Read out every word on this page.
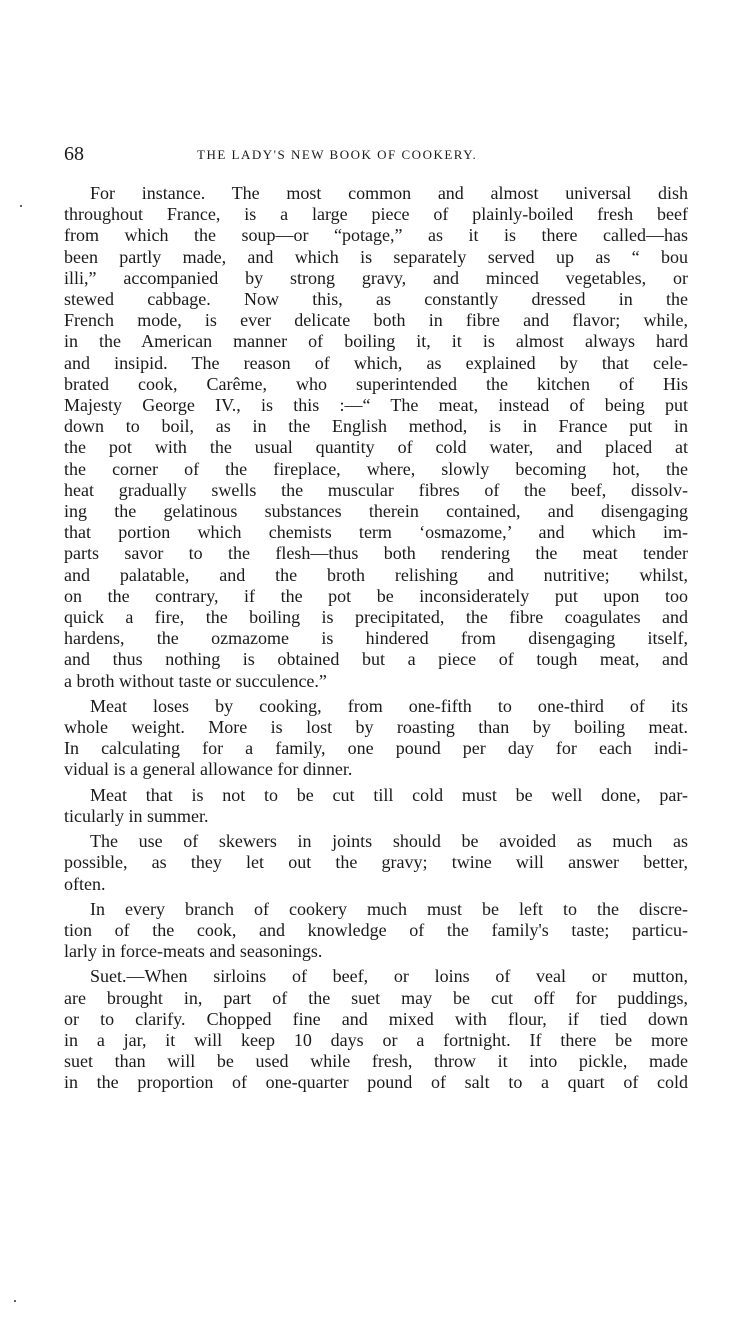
68	THE LADY'S NEW BOOK OF COOKERY.

For instance. The most common and almost universal dish
throughout France, is a large piece of plainly-boiled fresh beef
from which the soup—or “potage,” as it is there called—has
been partly made, and which is separately served up as “ bou
illi,” accompanied by strong gravy, and minced vegetables, or
stewed cabbage. Now this, as constantly dressed in the
French mode, is ever delicate both in fibre and flavor; while,
in the American manner of boiling it, it is almost always hard
and insipid. The reason of which, as explained by that cele-
brated cook, Carême, who superintended the kitchen of His
Majesty George IV., is this :—“ The meat, instead of being put
down to boil, as in the English method, is in France put in
the pot with the usual quantity of cold water, and placed at
the corner of the fireplace, where, slowly becoming hot, the
heat gradually swells the muscular fibres of the beef, dissolv-
ing the gelatinous substances therein contained, and disengaging
that portion which chemists term ‘osmazome,’ and which im-
parts savor to the flesh—thus both rendering the meat tender
and palatable, and the broth relishing and nutritive; whilst,
on the contrary, if the pot be inconsiderately put upon too
quick a fire, the boiling is precipitated, the fibre coagulates and
hardens, the ozmazome is hindered from disengaging itself,
and thus nothing is obtained but a piece of tough meat, and
a broth without taste or succulence.”

Meat loses by cooking, from one-fifth to one-third of its
whole weight. More is lost by roasting than by boiling meat.
In calculating for a family, one pound per day for each indi-
vidual is a general allowance for dinner.

Meat that is not to be cut till cold must be well done, par-
ticularly in summer.

The use of skewers in joints should be avoided as much as
possible, as they let out the gravy; twine will answer better,
often.

In every branch of cookery much must be left to the discre-
tion of the cook, and knowledge of the family's taste; particu-
larly in force-meats and seasonings.

Suet.—When sirloins of beef, or loins of veal or mutton,
are brought in, part of the suet may be cut off for puddings,
or to clarify. Chopped fine and mixed with flour, if tied down
in a jar, it will keep 10 days or a fortnight. If there be more
suet than will be used while fresh, throw it into pickle, made
in the proportion of one-quarter pound of salt to a quart of cold
